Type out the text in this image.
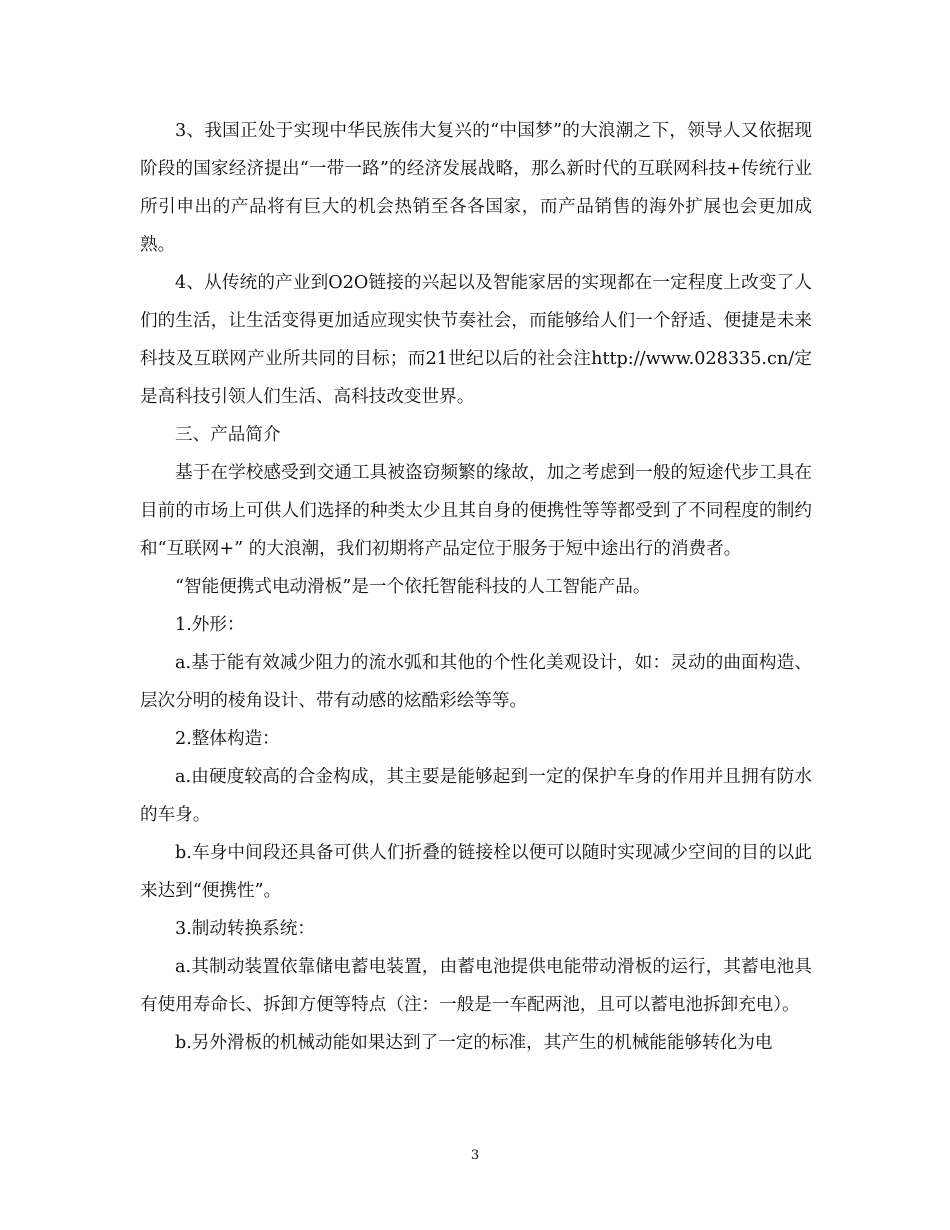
3、我国正处于实现中华民族伟大复兴的“中国梦”的大浪潮之下，领导人又依据现阶段的国家经济提出“一带一路”的经济发展战略，那么新时代的互联网科技+传统行业所引申出的产品将有巨大的机会热销至各各国家，而产品销售的海外扩展也会更加成熟。

4、从传统的产业到O2O链接的兴起以及智能家居的实现都在一定程度上改变了人们的生活，让生活变得更加适应现实快节奏社会，而能够给人们一个舒适、便捷是未来科技及互联网产业所共同的目标；而21世纪以后的社会注http://www.028335.cn/定是高科技引领人们生活、高科技改变世界。

三、产品简介

基于在学校感受到交通工具被盗窃频繁的缘故，加之考虑到一般的短途代步工具在目前的市场上可供人们选择的种类太少且其自身的便携性等等都受到了不同程度的制约和“互联网+” 的大浪潮，我们初期将产品定位于服务于短中途出行的消费者。

“智能便携式电动滑板”是一个依托智能科技的人工智能产品。

1.外形：

a.基于能有效减少阻力的流水弧和其他的个性化美观设计，如：灵动的曲面构造、层次分明的棱角设计、带有动感的炫酷彩绘等等。

2.整体构造：

a.由硬度较高的合金构成，其主要是能够起到一定的保护车身的作用并且拥有防水的车身。

b.车身中间段还具备可供人们折叠的链接栓以便可以随时实现减少空间的目的以此来达到“便携性”。

3.制动转换系统：

a.其制动装置依靠储电蓄电装置，由蓄电池提供电能带动滑板的运行，其蓄电池具有使用寿命长、拆卸方便等特点（注：一般是一车配两池，且可以蓄电池拆卸充电）。

b.另外滑板的机械动能如果达到了一定的标准，其产生的机械能能够转化为电

3
